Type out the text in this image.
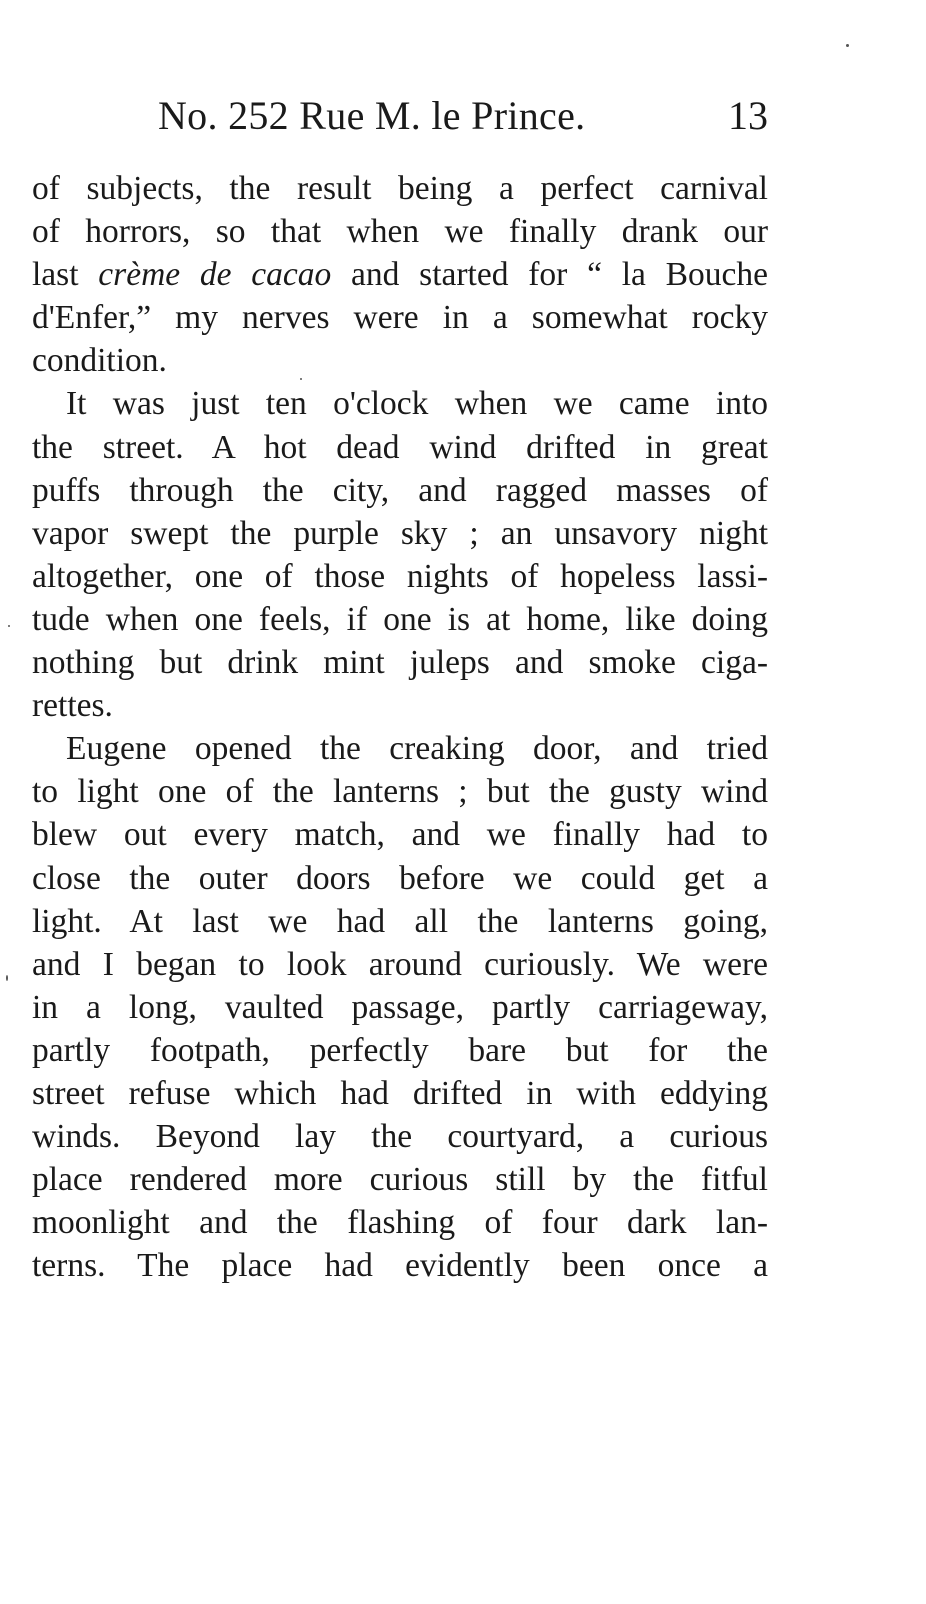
No. 252 Rue M. le Prince.	13
of subjects, the result being a perfect carnival
of horrors, so that when we finally drank our
last crème de cacao and started for “ la Bouche
d'Enfer,” my nerves were in a somewhat rocky
condition.
It was just ten o'clock when we came into
the street. A hot dead wind drifted in great
puffs through the city, and ragged masses of
vapor swept the purple sky ; an unsavory night
altogether, one of those nights of hopeless lassi-
tude when one feels, if one is at home, like doing
nothing but drink mint juleps and smoke ciga-
rettes.
Eugene opened the creaking door, and tried
to light one of the lanterns ; but the gusty wind
blew out every match, and we finally had to
close the outer doors before we could get a
light. At last we had all the lanterns going,
and I began to look around curiously. We were
in a long, vaulted passage, partly carriageway,
partly footpath, perfectly bare but for the
street refuse which had drifted in with eddying
winds. Beyond lay the courtyard, a curious
place rendered more curious still by the fitful
moonlight and the flashing of four dark lan-
terns. The place had evidently been once a
